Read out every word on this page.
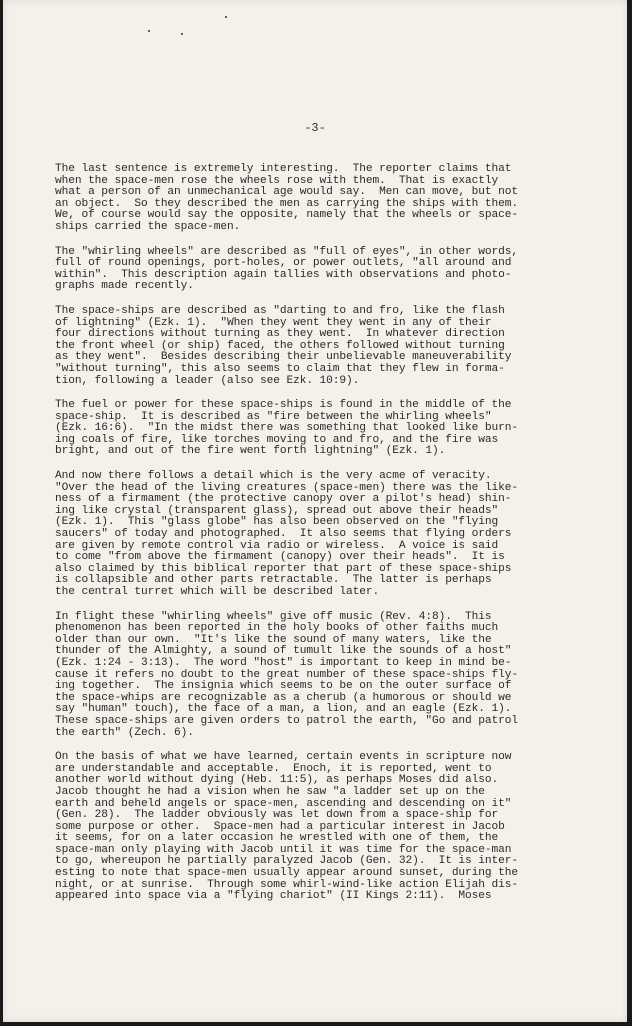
-3-

The last sentence is extremely interesting.  The reporter claims that
when the space-men rose the wheels rose with them.  That is exactly
what a person of an unmechanical age would say.  Men can move, but not
an object.  So they described the men as carrying the ships with them.
We, of course would say the opposite, namely that the wheels or space-
ships carried the space-men.

The "whirling wheels" are described as "full of eyes", in other words,
full of round openings, port-holes, or power outlets, "all around and
within".  This description again tallies with observations and photo-
graphs made recently.

The space-ships are described as "darting to and fro, like the flash
of lightning" (Ezk. 1).  "When they went they went in any of their
four directions without turning as they went.  In whatever direction
the front wheel (or ship) faced, the others followed without turning
as they went".  Besides describing their unbelievable maneuverability
"without turning", this also seems to claim that they flew in forma-
tion, following a leader (also see Ezk. 10:9).

The fuel or power for these space-ships is found in the middle of the
space-ship.  It is described as "fire between the whirling wheels"
(Ezk. 16:6).  "In the midst there was something that looked like burn-
ing coals of fire, like torches moving to and fro, and the fire was
bright, and out of the fire went forth lightning" (Ezk. 1).

And now there follows a detail which is the very acme of veracity.
"Over the head of the living creatures (space-men) there was the like-
ness of a firmament (the protective canopy over a pilot's head) shin-
ing like crystal (transparent glass), spread out above their heads"
(Ezk. 1).  This "glass globe" has also been observed on the "flying
saucers" of today and photographed.  It also seems that flying orders
are given by remote control via radio or wireless.  A voice is said
to come "from above the firmament (canopy) over their heads".  It is
also claimed by this biblical reporter that part of these space-ships
is collapsible and other parts retractable.  The latter is perhaps
the central turret which will be described later.

In flight these "whirling wheels" give off music (Rev. 4:8).  This
phenomenon has been reported in the holy books of other faiths much
older than our own.  "It's like the sound of many waters, like the
thunder of the Almighty, a sound of tumult like the sounds of a host"
(Ezk. 1:24 - 3:13).  The word "host" is important to keep in mind be-
cause it refers no doubt to the great number of these space-ships fly-
ing together.  The insignia which seems to be on the outer surface of
the space-whips are recognizable as a cherub (a humorous or should we
say "human" touch), the face of a man, a lion, and an eagle (Ezk. 1).
These space-ships are given orders to patrol the earth, "Go and patrol
the earth" (Zech. 6).

On the basis of what we have learned, certain events in scripture now
are understandable and acceptable.  Enoch, it is reported, went to
another world without dying (Heb. 11:5), as perhaps Moses did also.
Jacob thought he had a vision when he saw "a ladder set up on the
earth and beheld angels or space-men, ascending and descending on it"
(Gen. 28).  The ladder obviously was let down from a space-ship for
some purpose or other.  Space-men had a particular interest in Jacob
it seems, for on a later occasion he wrestled with one of them, the
space-man only playing with Jacob until it was time for the space-man
to go, whereupon he partially paralyzed Jacob (Gen. 32).  It is inter-
esting to note that space-men usually appear around sunset, during the
night, or at sunrise.  Through some whirl-wind-like action Elijah dis-
appeared into space via a "flying chariot" (II Kings 2:11).  Moses
